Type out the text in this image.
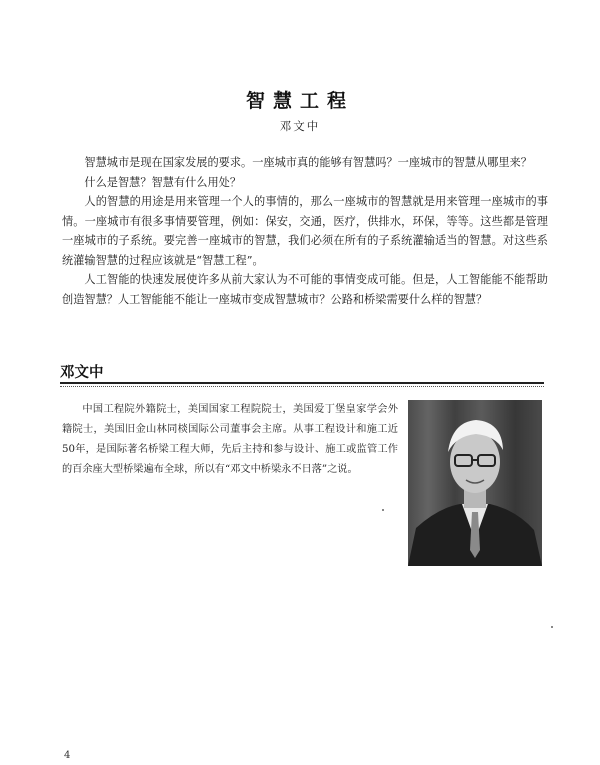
智慧工程
邓文中

智慧城市是现在国家发展的要求。一座城市真的能够有智慧吗？一座城市的智慧从哪里来？

什么是智慧？智慧有什么用处？

人的智慧的用途是用来管理一个人的事情的，那么一座城市的智慧就是用来管理一座城市的事情。一座城市有很多事情要管理，例如：保安，交通，医疗，供排水，环保，等等。这些都是管理一座城市的子系统。要完善一座城市的智慧，我们必须在所有的子系统灌输适当的智慧。对这些系统灌输智慧的过程应该就是“智慧工程”。

人工智能的快速发展使许多从前大家认为不可能的事情变成可能。但是，人工智能能不能帮助创造智慧？人工智能能不能让一座城市变成智慧城市？公路和桥梁需要什么样的智慧？

邓文中

中国工程院外籍院士，美国国家工程院院士，美国爱丁堡皇家学会外籍院士，美国旧金山林同棪国际公司董事会主席。从事工程设计和施工近50年，是国际著名桥梁工程大师，先后主持和参与设计、施工或监管工作的百余座大型桥梁遍布全球，所以有“邓文中桥梁永不日落”之说。

4
